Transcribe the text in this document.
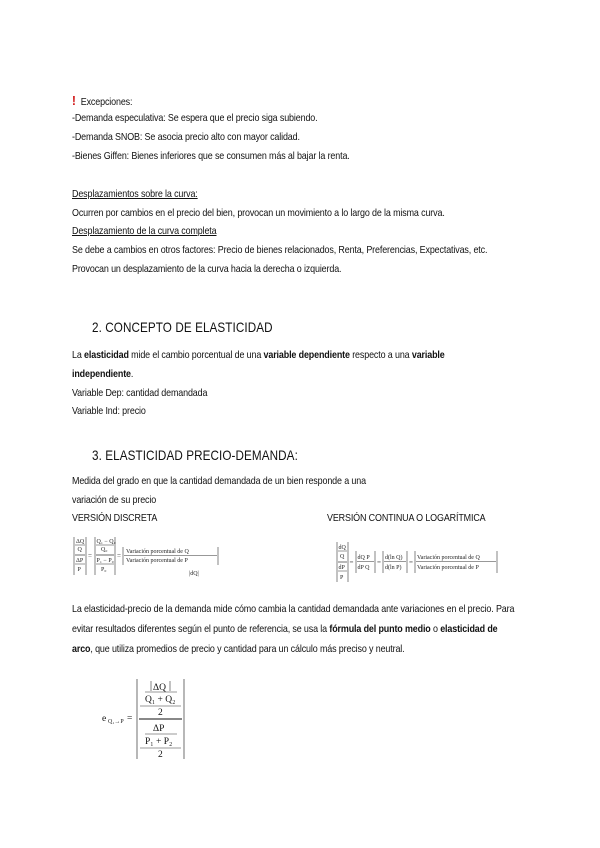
! Excepciones:
-Demanda especulativa: Se espera que el precio siga subiendo.
-Demanda SNOB: Se asocia precio alto con mayor calidad.
-Bienes Giffen: Bienes inferiores que se consumen más al bajar la renta.
Desplazamientos sobre la curva:
Ocurren por cambios en el precio del bien, provocan un movimiento a lo largo de la misma curva.
Desplazamiento de la curva completa
Se debe a cambios en otros factores: Precio de bienes relacionados, Renta, Preferencias, Expectativas, etc.
Provocan un desplazamiento de la curva hacia la derecha o izquierda.
2. CONCEPTO DE ELASTICIDAD
La elasticidad mide el cambio porcentual de una variable dependiente respecto a una variable
independiente.
Variable Dep: cantidad demandada
Variable Ind: precio
3. ELASTICIDAD PRECIO-DEMANDA:
Medida del grado en que la cantidad demandada de un bien responde a una
variación de su precio
VERSIÓN DISCRETA	VERSIÓN CONTINUA O LOGARÍTMICA
ΔQ
Q
ΔP
P
=
Q₁ − Q₀
Q₀
P₁ − P₀
P₀
= Variación porcentual de Q
Variación porcentual de P
|dQ|
dQ
Q
dP
P
=
dQ P
dP Q
=
d(ln Q)
d(ln P)
=
Variación porcentual de Q
Variación porcentual de P
La elasticidad-precio de la demanda mide cómo cambia la cantidad demandada ante variaciones en el precio. Para
evitar resultados diferentes según el punto de referencia, se usa la fórmula del punto medio o elasticidad de
arco, que utiliza promedios de precio y cantidad para un cálculo más preciso y neutral.
e Q₁→P =
ΔQ
Q₁ + Q₂
2
ΔP
P₁ + P₂
2
